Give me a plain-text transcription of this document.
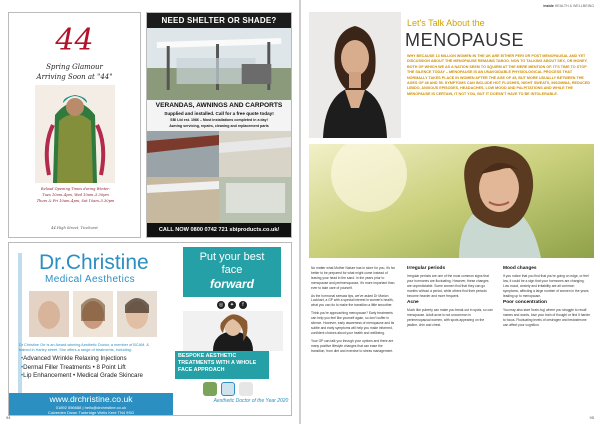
44
Spring Glamour
Arriving Soon at "44"
Reload Opening Times during Winter:
Tues 10am–4pm, Wed 10am–5.30pm
Thurs & Fri 10am–4pm, Sat 10am–5.30pm
44 High Street, Ticehurst
NEED SHELTER OR SHADE?
VERANDAS, AWNINGS AND CARPORTS
Supplied and installed. Call for a free quote today!
SBI Ltd est. 1986 – Most installations completed in a day!
Awning servicing, repairs, cleaning and replacement parts
CALL NOW 0800 0742 721 sbiproducts.co.uk/
Dr.Christine
Medical Aesthetics
Dr Christine Orr is an Award-winning Aesthetic Doctor, a member of BCAM. & trained in Harley street. She offers a range of treatments, including:
• Advanced Wrinkle Relaxing Injections
• Dermal Filler Treatments • 8 Point Lift
• Lip Enhancement • Medical Grade Skincare
www.drchristine.co.uk
01892 556688 | hello@drchristine.co.uk
Culverden Down Tunbridge Wells Kent TN4 9SG
Put your best
face
forward
◎	✦	f
BESPOKE AESTHETIC TREATMENTS WITH A WHOLE FACE APPROACH
Aesthetic Doctor of the Year 2020
94
inside HEALTH & WELLBEING
Let's Talk About the
MENOPAUSE
WHY BECAUSE 13 MILLION WOMEN IN THE UK ARE EITHER PERI OR POST MENOPAUSAL AND YET DISCUSSION ABOUT THE MENOPAUSE REMAINS TABOO. NON TO TALKING ABOUT SEX, OR MONEY, BOTH OF WHICH WE AS A NATION SEEM TO SQUIRM AT THE MERE MENTION OF. IT'S TIME TO STOP THE SILENCE TODAY – MENOPAUSE IS AN UNAVOIDABLE PHYSIOLOGICAL PROCESS THAT NORMALLY TAKES PLACE IN WOMEN AFTER THE AGE OF 45, BUT MORE USUALLY BETWEEN THE AGES OF 48 AND 55. SYMPTOMS CAN INCLUDE HOT FLUSHES, NIGHT SWEATS, INSOMNIA, REDUCED LIBIDO, ANXIOUS EPISODES, HEADACHES, LOW MOOD AND PALPITATIONS AND WHILE THE MENOPAUSE IS CERTAIN, IT NOT YOU, BUT IT DOESN'T HAVE TO BE INTOLERABLE.

No matter what Mother Nature has in store for you, it's far better to be prepared for what might come instead of leaving your head in the sand. In the years prior to menopause and perimenopause, it's more important than ever to take care of yourself.

As the hormonal seesaw tips, we've asked Dr Marion Lockhart, a GP with a special interest in women's health, what you can do to make the transition a little smoother.

Think you're approaching menopause? Early treatments can help you feel like yourself again, so don't suffer in silence. However, early awareness of menopause and its subtle and early symptoms will help you make informed, confident choices about your health and wellbeing.

Your GP can talk you through your options and there are many positive lifestyle changes that can ease the transition, from diet and exercise to stress management.

Irregular periods

Irregular periods are one of the most common signs that your hormones are fluctuating. However, these changes are unpredictable. Some women find that they can go months without a period, while others find their periods become heavier and more frequent.

Acne

Much like puberty can make you break out in spots, so can menopause. Adult acne is not uncommon in perimenopausal women, with spots appearing on the jawline, chin and chest.

Mood changes

If you notice that you find that you're going on edge, or feel low, it could be a sign that your hormones are changing. Low mood, anxiety and irritability are all common symptoms, affecting a large number of women in the years leading up to menopause.

Poor concentration

You may also start 'brain-fog' where you struggle to recall names and words, lose your train of thought or find it harder to focus. Fluctuating levels of oestrogen and testosterone can affect your cognition.

95
